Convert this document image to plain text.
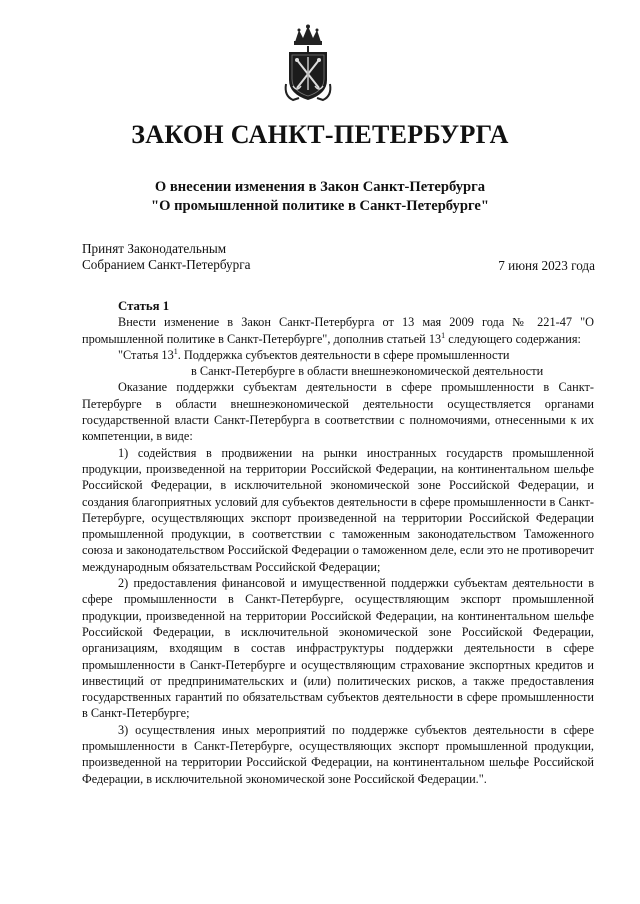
ЗАКОН САНКТ-ПЕТЕРБУРГА
О внесении изменения в Закон Санкт-Петербурга
"О промышленной политике в Санкт-Петербурге"
Принят Законодательным
Собранием Санкт-Петербурга	7 июня 2023 года

Статья 1

Внести изменение в Закон Санкт-Петербурга от 13 мая 2009 года № 221-47 "О промышленной политике в Санкт-Петербурге", дополнив статьей $13^1$ следующего содержания:

"Статья $13^1$. Поддержка субъектов деятельности в сфере промышленности
в Санкт-Петербурге в области внешнеэкономической деятельности

Оказание поддержки субъектам деятельности в сфере промышленности в Санкт-Петербурге в области внешнеэкономической деятельности осуществляется органами государственной власти Санкт-Петербурга в соответствии с полномочиями, отнесенными к их компетенции, в виде:

1) содействия в продвижении на рынки иностранных государств промышленной продукции, произведенной на территории Российской Федерации, на континентальном шельфе Российской Федерации, в исключительной экономической зоне Российской Федерации, и создания благоприятных условий для субъектов деятельности в сфере промышленности в Санкт-Петербурге, осуществляющих экспорт произведенной на территории Российской Федерации промышленной продукции, в соответствии с таможенным законодательством Таможенного союза и законодательством Российской Федерации о таможенном деле, если это не противоречит международным обязательствам Российской Федерации;

2) предоставления финансовой и имущественной поддержки субъектам деятельности в сфере промышленности в Санкт-Петербурге, осуществляющим экспорт промышленной продукции, произведенной на территории Российской Федерации, на континентальном шельфе Российской Федерации, в исключительной экономической зоне Российской Федерации, организациям, входящим в состав инфраструктуры поддержки деятельности в сфере промышленности в Санкт-Петербурге и осуществляющим страхование экспортных кредитов и инвестиций от предпринимательских и (или) политических рисков, а также предоставления государственных гарантий по обязательствам субъектов деятельности в сфере промышленности в Санкт-Петербурге;

3) осуществления иных мероприятий по поддержке субъектов деятельности в сфере промышленности в Санкт-Петербурге, осуществляющих экспорт промышленной продукции, произведенной на территории Российской Федерации, на континентальном шельфе Российской Федерации, в исключительной экономической зоне Российской Федерации.".
